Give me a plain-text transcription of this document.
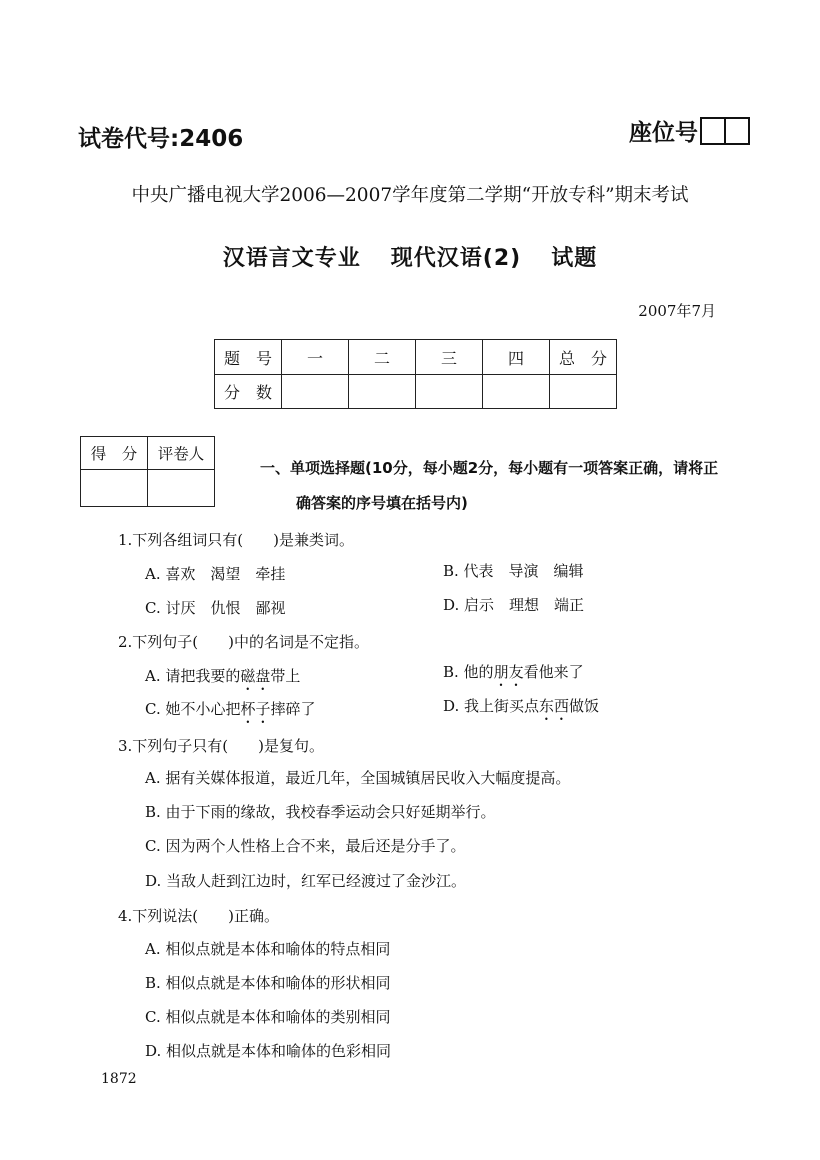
试卷代号:2406	座位号
中央广播电视大学2006—2007学年度第二学期“开放专科”期末考试
汉语言文专业 现代汉语(2) 试题
2007年7月
题　号	一	二	三	四	总　分
分　数					
得　分	评卷人

一、单项选择题(10分，每小题2分，每小题有一项答案正确，请将正
确答案的序号填在括号内)
1.下列各组词只有(　　)是兼类词。
A. 喜欢　渴望　牵挂	B. 代表　导演　编辑
C. 讨厌　仇恨　鄙视	D. 启示　理想　端正
2.下列句子(　　)中的名词是不定指。
A. 请把我要的磁盘带上	B. 他的朋友看他来了
C. 她不小心把杯子摔碎了	D. 我上街买点东西做饭
3.下列句子只有(　　)是复句。
A. 据有关媒体报道，最近几年，全国城镇居民收入大幅度提高。
B. 由于下雨的缘故，我校春季运动会只好延期举行。
C. 因为两个人性格上合不来，最后还是分手了。
D. 当敌人赶到江边时，红军已经渡过了金沙江。
4.下列说法(　　)正确。
A. 相似点就是本体和喻体的特点相同
B. 相似点就是本体和喻体的形状相同
C. 相似点就是本体和喻体的类别相同
D. 相似点就是本体和喻体的色彩相同
1872
